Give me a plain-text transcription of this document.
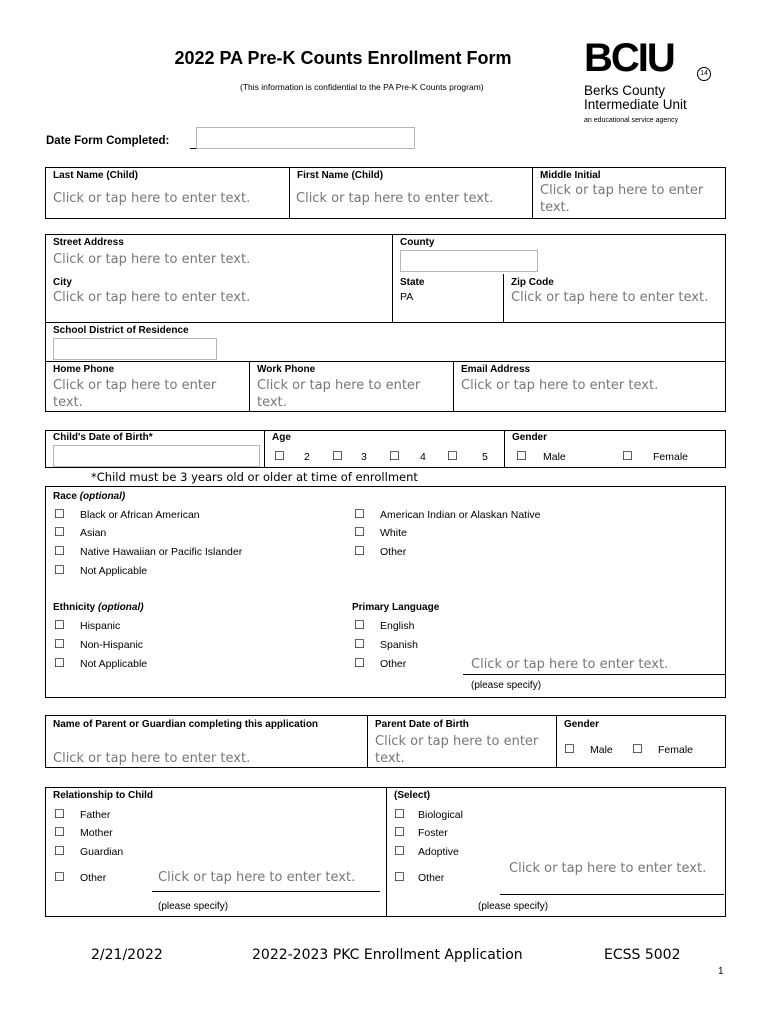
2022 PA Pre-K Counts Enrollment Form
(This information is confidential to the PA Pre-K Counts program)
BCIU	14
Berks County
Intermediate Unit
an educational service agency
Date Form Completed:
Last Name (Child)	First Name (Child)	Middle Initial
Click or tap here to enter text.	Click or tap here to enter text.
Click or tap here to enter text.
Street Address
Click or tap here to enter text.
County
City
Click or tap here to enter text.
State
PA
Zip Code
Click or tap here to enter text.
School District of Residence
Home Phone
Click or tap here to enter text.
Work Phone
Click or tap here to enter text.
Email Address
Click or tap here to enter text.
Child's Date of Birth*	Age
☐ 2 ☐ 3 ☐ 4 ☐ 5
Gender
☐ Male	☐ Female
*Child must be 3 years old or older at time of enrollment
Race (optional)
☐ Black or African American
☐ Asian
☐ Native Hawaiian or Pacific Islander
☐ Not Applicable
☐ American Indian or Alaskan Native
☐ White
☐ Other
Ethnicity (optional)
☐ Hispanic
☐ Non-Hispanic
☐ Not Applicable
Primary Language
☐ English
☐ Spanish
☐ Other	Click or tap here to enter text.
(please specify)
Name of Parent or Guardian completing this application
Click or tap here to enter text.
Parent Date of Birth
Click or tap here to enter text.
Gender
☐ Male ☐ Female
Relationship to Child
☐ Father
☐ Mother
☐ Guardian
☐ Other	Click or tap here to enter text.
(please specify)
(Select)
☐ Biological
☐ Foster
☐ Adoptive
☐ Other
Click or tap here to enter text.
(please specify)
2/21/2022	2022-2023 PKC Enrollment Application	ECSS 5002
1
